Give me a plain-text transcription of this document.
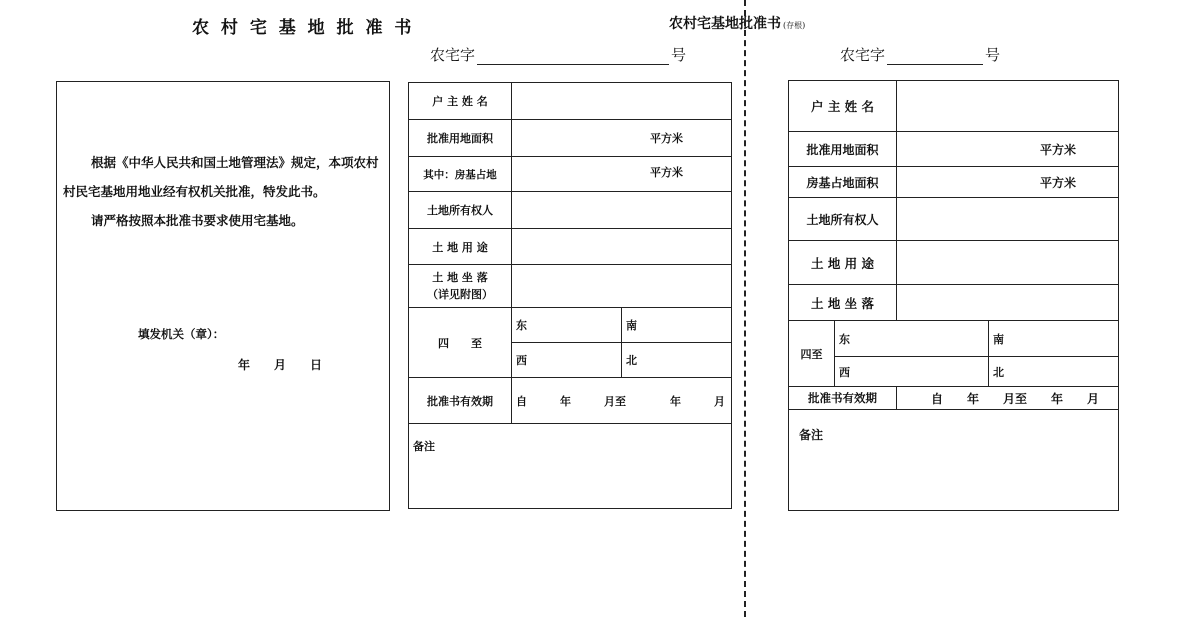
农 村 宅 基 地 批 准 书	农村宅基地批准书 (存根)
农宅字	号	农宅字	号
根据《中华人民共和国土地管理法》规定，本项农村村民宅基地用地业经有权机关批准，特发此书。
请严格按照本批准书要求使用宅基地。
填发机关（章）：
年　　月　　日
户 主 姓 名		
批准用地面积	平方米	
其中：房基占地	平方米	
土地所有权人		
土 地 用 途		

土 地 坐 落
（详见附图）		

四　　至	东	南
	西	北
批准书有效期	自　　　年　　　月至　　　　年　　　月	
备注		
户 主 姓 名			
批准用地面积		平方米	
房基占地面积		平方米	
土地所有权人			
土 地 用 途			
土 地 坐 落			
四至	东		南
	西		北
批准书有效期		自　　年　　月至　　年　　月	
备注			
